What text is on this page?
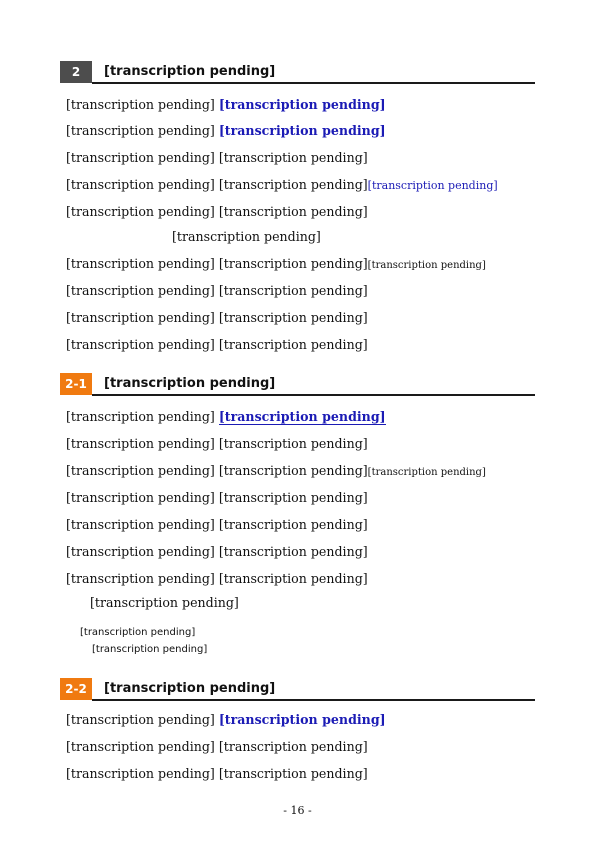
2	[transcription pending]
[transcription pending] [transcription pending]
[transcription pending] [transcription pending]
[transcription pending] [transcription pending]
[transcription pending] [transcription pending][transcription pending]
[transcription pending] [transcription pending]
[transcription pending]
[transcription pending] [transcription pending][transcription pending]
[transcription pending] [transcription pending]
[transcription pending] [transcription pending]
[transcription pending] [transcription pending]
2-1	[transcription pending]
[transcription pending] [transcription pending]
[transcription pending] [transcription pending]
[transcription pending] [transcription pending][transcription pending]
[transcription pending] [transcription pending]
[transcription pending] [transcription pending]
[transcription pending] [transcription pending]
[transcription pending] [transcription pending]
[transcription pending]
[transcription pending]
[transcription pending]
2-2	[transcription pending]
[transcription pending] [transcription pending]
[transcription pending] [transcription pending]
[transcription pending] [transcription pending]
- 16 -
